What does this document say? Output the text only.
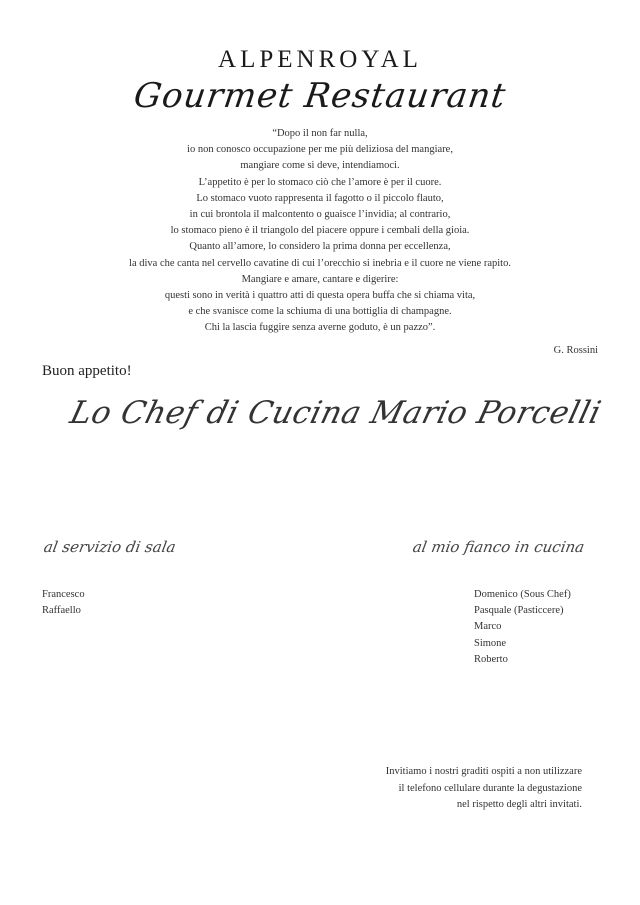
ALPENROYAL
Gourmet Restaurant
“Dopo il non far nulla,
io non conosco occupazione per me più deliziosa del mangiare,
mangiare come si deve, intendiamoci.
L’appetito è per lo stomaco ciò che l’amore è per il cuore.
Lo stomaco vuoto rappresenta il fagotto o il piccolo flauto,
in cui brontola il malcontento o guaisce l’invidia; al contrario,
lo stomaco pieno è il triangolo del piacere oppure i cembali della gioia.
Quanto all’amore, lo considero la prima donna per eccellenza,
la diva che canta nel cervello cavatine di cui l’orecchio si inebria e il cuore ne viene rapito.
Mangiare e amare, cantare e digerire:
questi sono in verità i quattro atti di questa opera buffa che si chiama vita,
e che svanisce come la schiuma di una bottiglia di champagne.
Chi la lascia fuggire senza averne goduto, è un pazzo”.
G. Rossini
Buon appetito!
Lo Chef di Cucina Mario Porcelli
al servizio di sala	al mio fianco in cucina
Francesco
Raffaello
Domenico (Sous Chef)
Pasquale (Pasticcere)
Marco
Simone
Roberto
Invitiamo i nostri graditi ospiti a non utilizzare
il telefono cellulare durante la degustazione
nel rispetto degli altri invitati.
